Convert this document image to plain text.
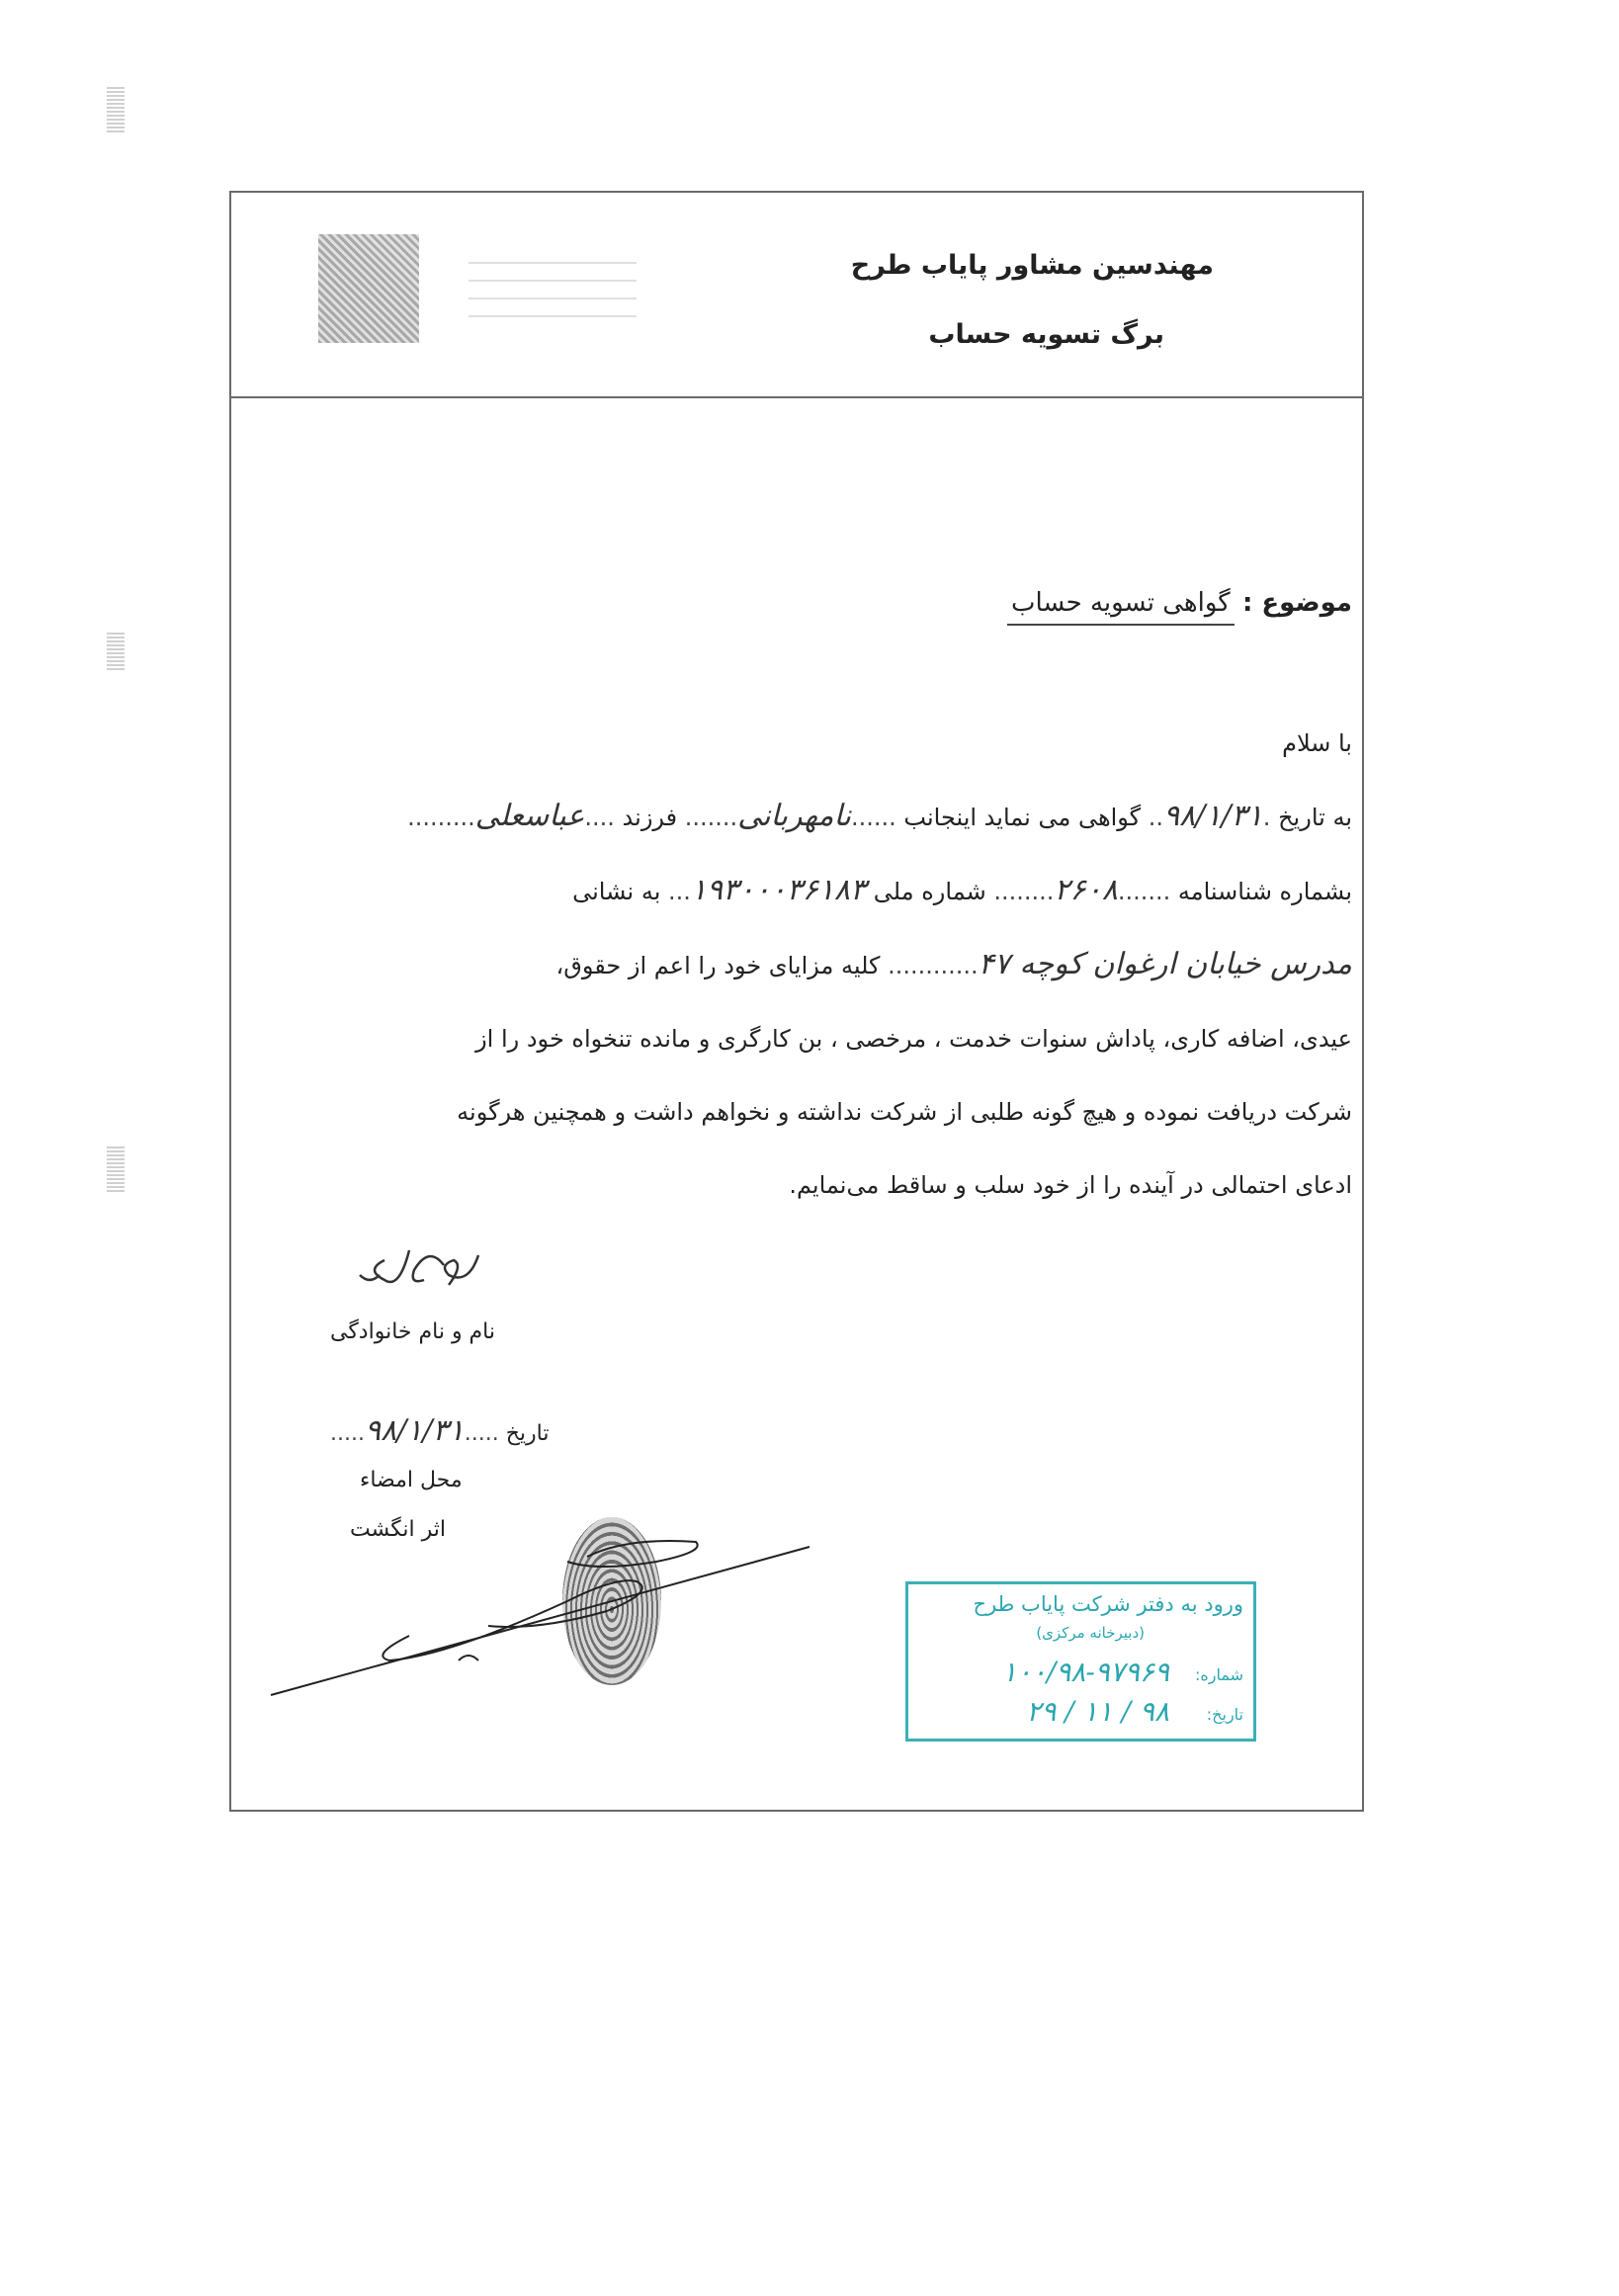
مهندسین مشاور پایاب طرح
برگ تسویه حساب
موضوع : گواهی تسویه حساب
با سلام
به تاریخ .۹۸/۱/۳۱.. گواهی می نماید اینجانب ......نامهربانی....... فرزند ....عباسعلی.........
بشماره شناسنامه .......۲۶۰۸........ شماره ملی ۱۹۳۰۰۰۳۶۱۸۳... به نشانی
مدرس خیابان ارغوان کوچه ۴۷............ کلیه مزایای خود را اعم از حقوق،
عیدی، اضافه کاری، پاداش سنوات خدمت ، مرخصی ، بن کارگری و مانده تنخواه خود را از
شرکت دریافت نموده و هیچ گونه طلبی از شرکت نداشته و نخواهم داشت و همچنین هرگونه
ادعای احتمالی در آینده را از خود سلب و ساقط می‌نمایم.
نام و نام خانوادگی
تاریخ .....۹۸/۱/۳۱.....
محل امضاء
اثر انگشت
ورود به دفتر شرکت پایاب طرح
(دبیرخانه مرکزی)
شماره:
۱۰۰/۹۸-۹۷۹۶۹
تاریخ:
۹۸ / ۱۱ / ۲۹
